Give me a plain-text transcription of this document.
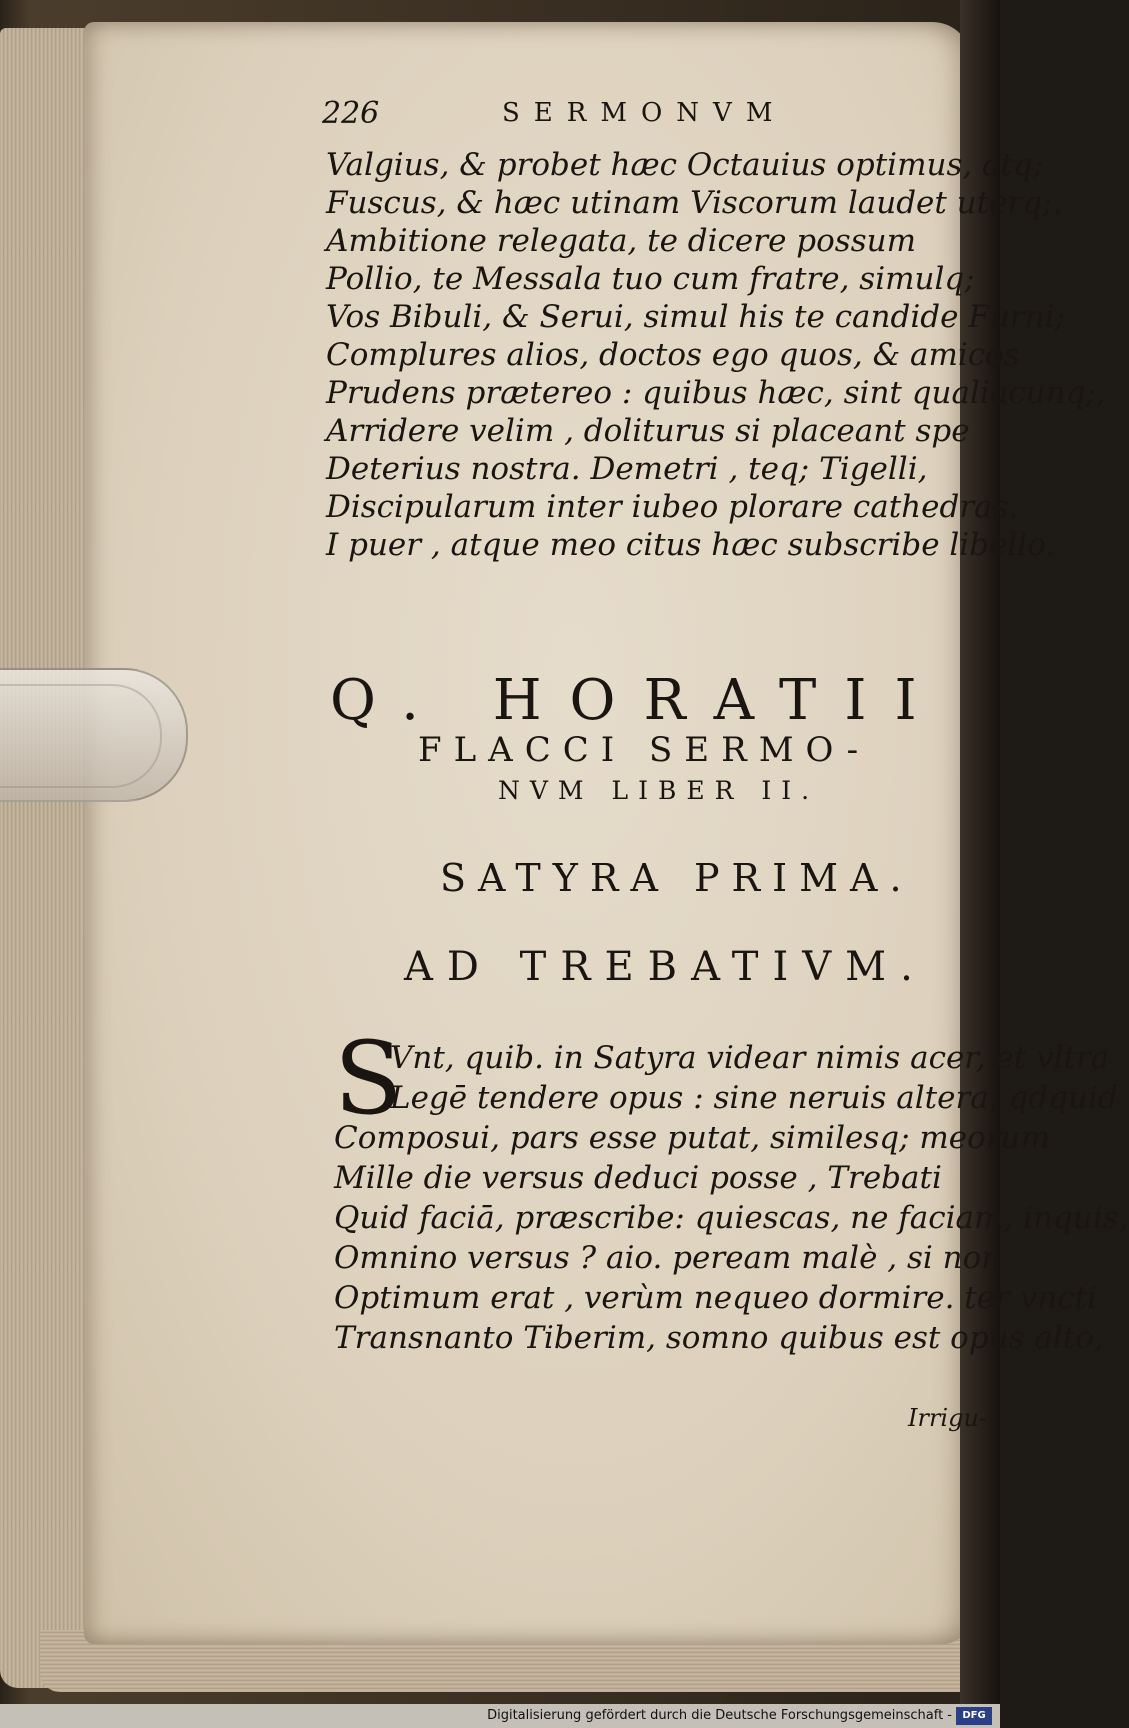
226	SERMONVM
Valgius, & probet hæc Octauius optimus, atq;
Fuscus, & hæc utinam Viscorum laudet uterq;.
Ambitione relegata, te dicere possum
Pollio, te Messala tuo cum fratre, simulq;
Vos Bibuli, & Serui, simul his te candide Furni;
Complures alios, doctos ego quos, & amicos
Prudens prætereo : quibus hæc, sint qualiacunq;,
Arridere velim , doliturus si placeant spe
Deterius nostra. Demetri , teq; Tigelli,
Discipularum inter iubeo plorare cathedras.
I puer , atque meo citus hæc subscribe libello.
Q. HORATII
FLACCI SERMO-
NVM LIBER II.
SATYRA PRIMA.
AD TREBATIVM.
S
Vnt, quib. in Satyra videar nimis acer, et vltra
Legē tendere opus : sine neruis altera, qdquid
Composui, pars esse putat, similesq; meorum
Mille die versus deduci posse , Trebati
Quid faciā, præscribe: quiescas, ne faciam, inquis,
Omnino versus ? aio. peream malè , si non
Optimum erat , verùm nequeo dormire. ter vncti
Transnanto Tiberim, somno quibus est opus alto,
Irrigu-
Digitalisierung gefördert durch die Deutsche Forschungsgemeinschaft -	DFG
